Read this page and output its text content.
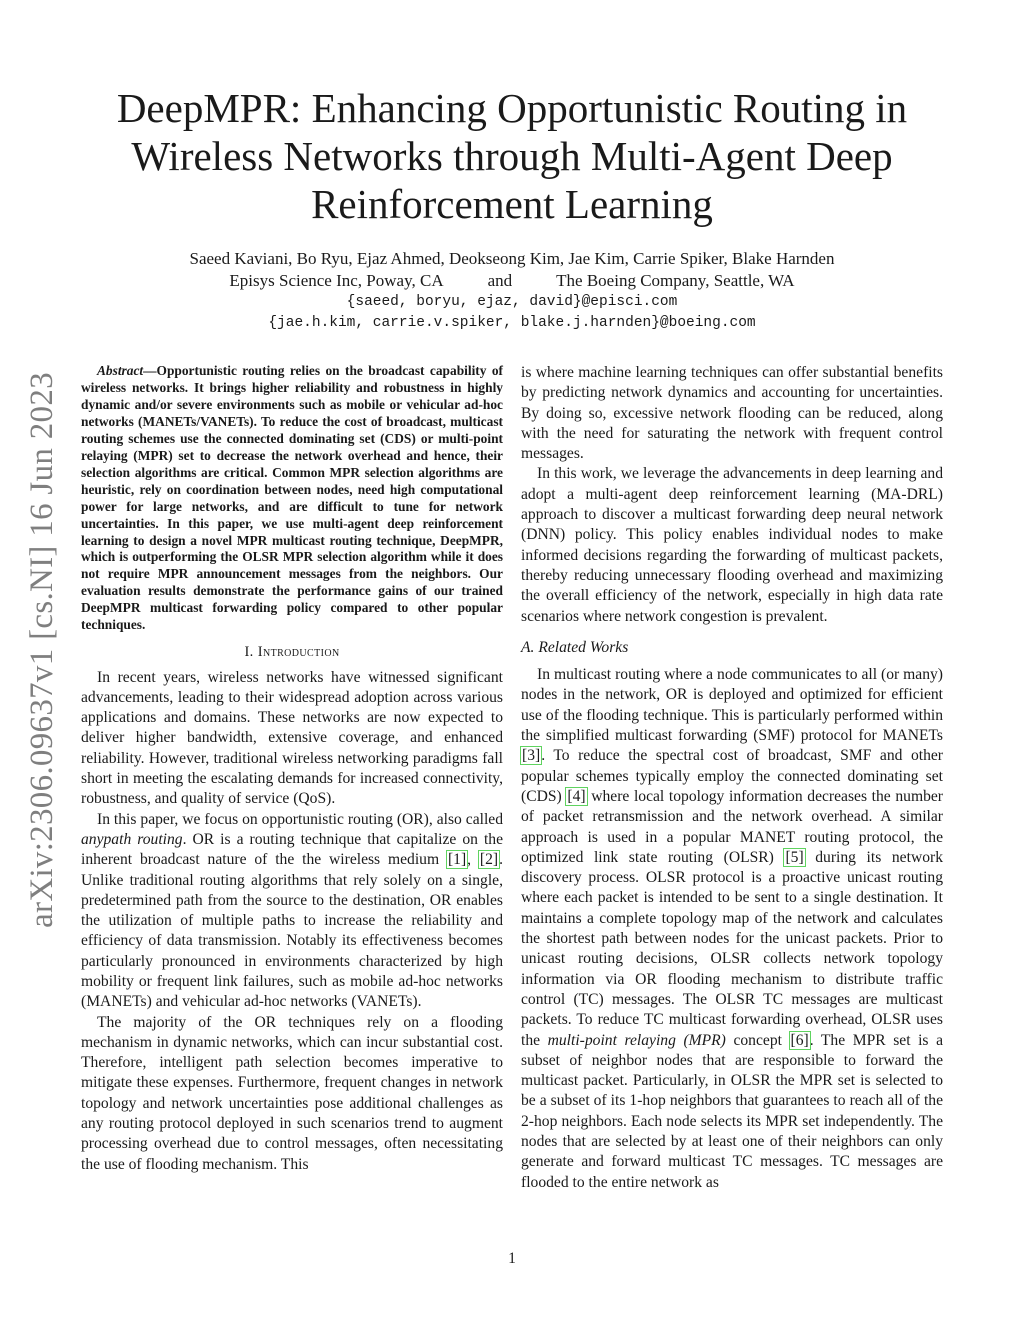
arXiv:2306.09637v1 [cs.NI] 16 Jun 2023
DeepMPR: Enhancing Opportunistic Routing in
Wireless Networks through Multi-Agent Deep
Reinforcement Learning
Saeed Kaviani, Bo Ryu, Ejaz Ahmed, Deokseong Kim, Jae Kim, Carrie Spiker, Blake Harnden
Episys Science Inc, Poway, CA	and	The Boeing Company, Seattle, WA
{saeed, boryu, ejaz, david}@episci.com
{jae.h.kim, carrie.v.spiker, blake.j.harnden}@boeing.com

Abstract—Opportunistic routing relies on the broadcast capability of wireless networks. It brings higher reliability and robustness in highly dynamic and/or severe environments such as mobile or vehicular ad-hoc networks (MANETs/VANETs). To reduce the cost of broadcast, multicast routing schemes use the connected dominating set (CDS) or multi-point relaying (MPR) set to decrease the network overhead and hence, their selection algorithms are critical. Common MPR selection algorithms are heuristic, rely on coordination between nodes, need high computational power for large networks, and are difficult to tune for network uncertainties. In this paper, we use multi-agent deep reinforcement learning to design a novel MPR multicast routing technique, DeepMPR, which is outperforming the OLSR MPR selection algorithm while it does not require MPR announcement messages from the neighbors. Our evaluation results demonstrate the performance gains of our trained DeepMPR multicast forwarding policy compared to other popular techniques.

I. Introduction

In recent years, wireless networks have witnessed significant advancements, leading to their widespread adoption across various applications and domains. These networks are now expected to deliver higher bandwidth, extensive coverage, and enhanced reliability. However, traditional wireless networking paradigms fall short in meeting the escalating demands for increased connectivity, robustness, and quality of service (QoS).

In this paper, we focus on opportunistic routing (OR), also called anypath routing. OR is a routing technique that capitalize on the inherent broadcast nature of the the wireless medium [1], [2]. Unlike traditional routing algorithms that rely solely on a single, predetermined path from the source to the destination, OR enables the utilization of multiple paths to increase the reliability and efficiency of data transmission. Notably its effectiveness becomes particularly pronounced in environments characterized by high mobility or frequent link failures, such as mobile ad-hoc networks (MANETs) and vehicular ad-hoc networks (VANETs).

The majority of the OR techniques rely on a flooding mechanism in dynamic networks, which can incur substantial cost. Therefore, intelligent path selection becomes imperative to mitigate these expenses. Furthermore, frequent changes in network topology and network uncertainties pose additional challenges as any routing protocol deployed in such scenarios trend to augment processing overhead due to control messages, often necessitating the use of flooding mechanism. This

is where machine learning techniques can offer substantial benefits by predicting network dynamics and accounting for uncertainties. By doing so, excessive network flooding can be reduced, along with the need for saturating the network with frequent control messages.

In this work, we leverage the advancements in deep learning and adopt a multi-agent deep reinforcement learning (MA-DRL) approach to discover a multicast forwarding deep neural network (DNN) policy. This policy enables individual nodes to make informed decisions regarding the forwarding of multicast packets, thereby reducing unnecessary flooding overhead and maximizing the overall efficiency of the network, especially in high data rate scenarios where network congestion is prevalent.

A. Related Works

In multicast routing where a node communicates to all (or many) nodes in the network, OR is deployed and optimized for efficient use of the flooding technique. This is particularly performed within the simplified multicast forwarding (SMF) protocol for MANETs [3]. To reduce the spectral cost of broadcast, SMF and other popular schemes typically employ the connected dominating set (CDS) [4] where local topology information decreases the number of packet retransmission and the network overhead. A similar approach is used in a popular MANET routing protocol, the optimized link state routing (OLSR) [5] during its network discovery process. OLSR protocol is a proactive unicast routing where each packet is intended to be sent to a single destination. It maintains a complete topology map of the network and calculates the shortest path between nodes for the unicast packets. Prior to unicast routing decisions, OLSR collects network topology information via OR flooding mechanism to distribute traffic control (TC) messages. The OLSR TC messages are multicast packets. To reduce TC multicast forwarding overhead, OLSR uses the multi-point relaying (MPR) concept [6]. The MPR set is a subset of neighbor nodes that are responsible to forward the multicast packet. Particularly, in OLSR the MPR set is selected to be a subset of its 1-hop neighbors that guarantees to reach all of the 2-hop neighbors. Each node selects its MPR set independently. The nodes that are selected by at least one of their neighbors can only generate and forward multicast TC messages. TC messages are flooded to the entire network as

1
